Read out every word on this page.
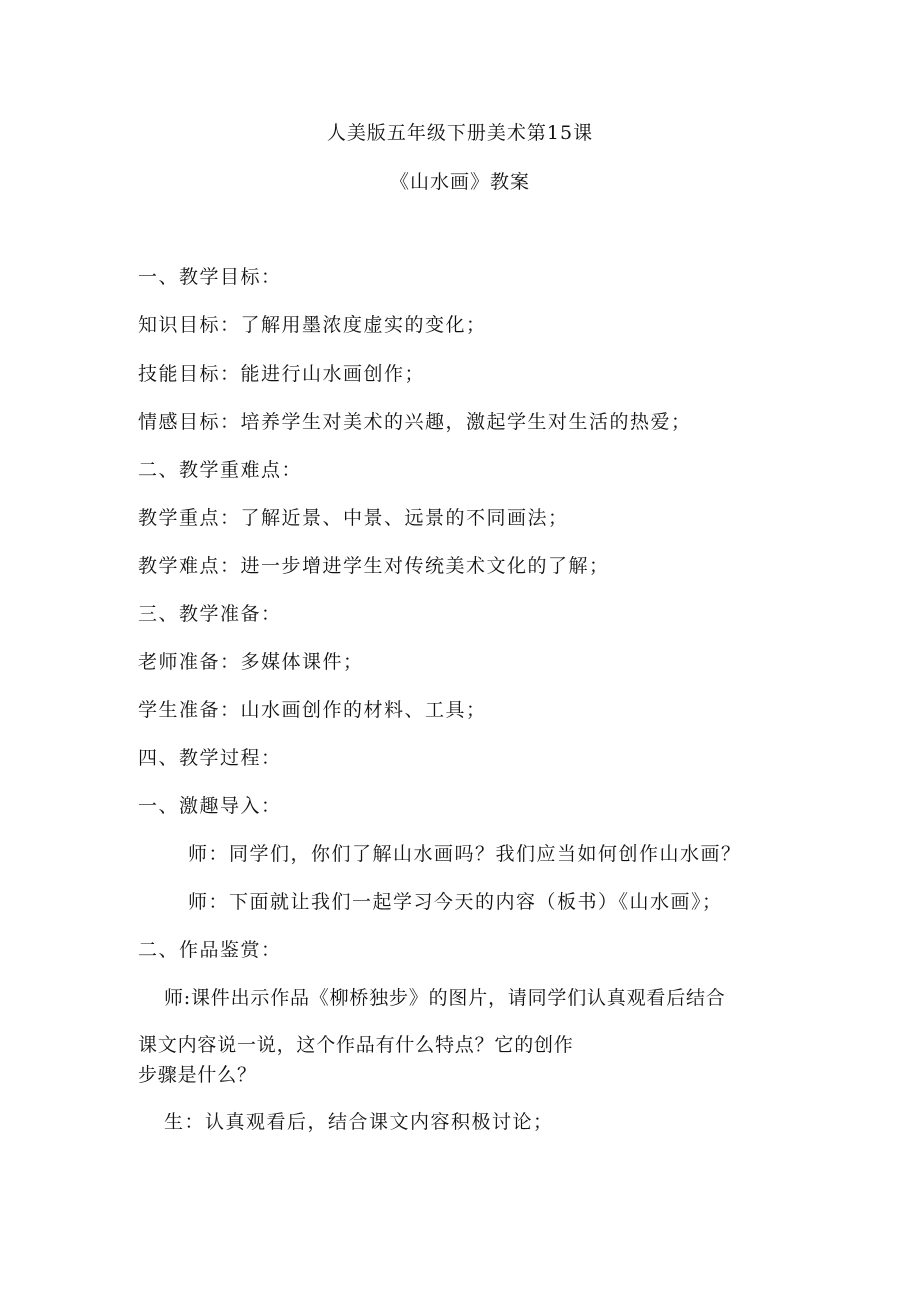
人美版五年级下册美术第15课
《山水画》教案
一、教学目标：
知识目标：了解用墨浓度虚实的变化；
技能目标：能进行山水画创作；
情感目标：培养学生对美术的兴趣，激起学生对生活的热爱；
二、教学重难点：
教学重点：了解近景、中景、远景的不同画法；
教学难点：进一步增进学生对传统美术文化的了解；
三、教学准备：
老师准备：多媒体课件；
学生准备：山水画创作的材料、工具；
四、教学过程：
一、激趣导入：
师：同学们，你们了解山水画吗？我们应当如何创作山水画？
师：下面就让我们一起学习今天的内容（板书）《山水画》；
二、作品鉴赏：
师:课件出示作品《柳桥独步》的图片，请同学们认真观看后结合
课文内容说一说，这个作品有什么特点？它的创作
步骤是什么？
生：认真观看后，结合课文内容积极讨论；
